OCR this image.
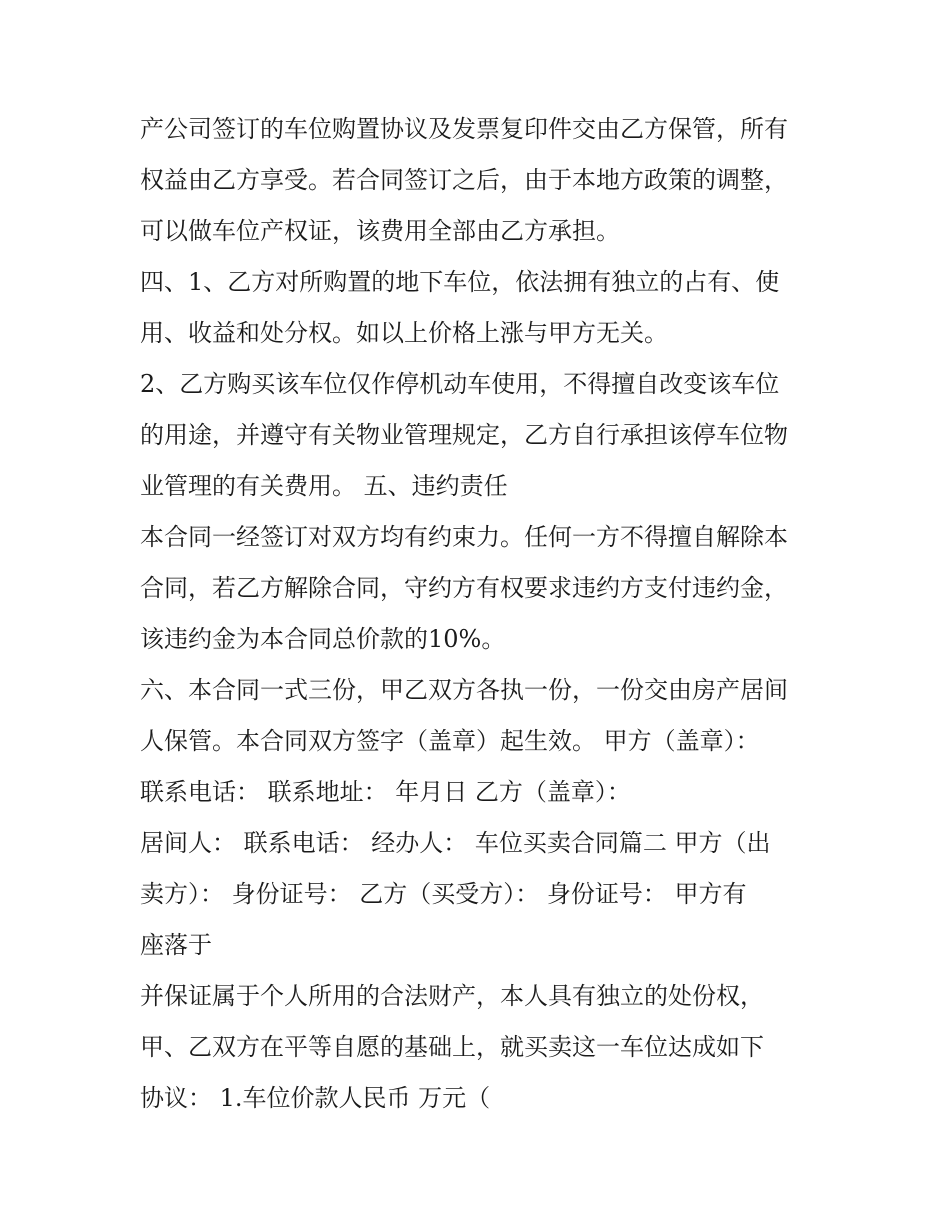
产公司签订的车位购置协议及发票复印件交由乙方保管，所有
权益由乙方享受。若合同签订之后，由于本地方政策的调整，
可以做车位产权证，该费用全部由乙方承担。
四、1、乙方对所购置的地下车位，依法拥有独立的占有、使
用、收益和处分权。如以上价格上涨与甲方无关。
2、乙方购买该车位仅作停机动车使用，不得擅自改变该车位
的用途，并遵守有关物业管理规定，乙方自行承担该停车位物
业管理的有关费用。 五、违约责任
本合同一经签订对双方均有约束力。任何一方不得擅自解除本
合同，若乙方解除合同，守约方有权要求违约方支付违约金，
该违约金为本合同总价款的10%。
六、本合同一式三份，甲乙双方各执一份，一份交由房产居间
人保管。本合同双方签字（盖章）起生效。 甲方（盖章）：
联系电话： 联系地址： 年月日 乙方（盖章）：
居间人： 联系电话： 经办人： 车位买卖合同篇二 甲方（出
卖方）： 身份证号： 乙方（买受方）： 身份证号： 甲方有
座落于
并保证属于个人所用的合法财产，本人具有独立的处份权，
甲、乙双方在平等自愿的基础上，就买卖这一车位达成如下
协议： 1.车位价款人民币 万元（
